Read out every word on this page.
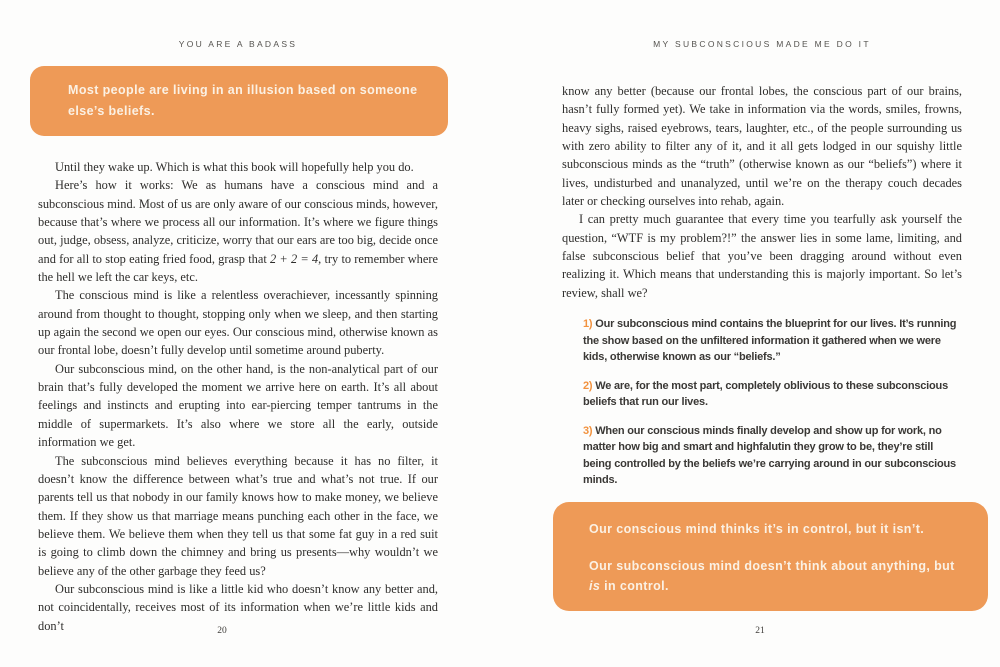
YOU ARE A BADASS
Most people are living in an illusion based on someone else’s beliefs.
Until they wake up. Which is what this book will hopefully help you do.
Here’s how it works: We as humans have a conscious mind and a subconscious mind. Most of us are only aware of our conscious minds, however, because that’s where we process all our information. It’s where we figure things out, judge, obsess, analyze, criticize, worry that our ears are too big, decide once and for all to stop eating fried food, grasp that 2 + 2 = 4, try to remember where the hell we left the car keys, etc.
The conscious mind is like a relentless overachiever, incessantly spinning around from thought to thought, stopping only when we sleep, and then starting up again the second we open our eyes. Our conscious mind, otherwise known as our frontal lobe, doesn’t fully develop until sometime around puberty.
Our subconscious mind, on the other hand, is the non-analytical part of our brain that’s fully developed the moment we arrive here on earth. It’s all about feelings and instincts and erupting into ear-piercing temper tantrums in the middle of supermarkets. It’s also where we store all the early, outside information we get.
The subconscious mind believes everything because it has no filter, it doesn’t know the difference between what’s true and what’s not true. If our parents tell us that nobody in our family knows how to make money, we believe them. If they show us that marriage means punching each other in the face, we believe them. We believe them when they tell us that some fat guy in a red suit is going to climb down the chimney and bring us presents—why wouldn’t we believe any of the other garbage they feed us?
Our subconscious mind is like a little kid who doesn’t know any better and, not coincidentally, receives most of its information when we’re little kids and don’t	20
MY SUBCONSCIOUS MADE ME DO IT
know any better (because our frontal lobes, the conscious part of our brains, hasn’t fully formed yet). We take in information via the words, smiles, frowns, heavy sighs, raised eyebrows, tears, laughter, etc., of the people surrounding us with zero ability to filter any of it, and it all gets lodged in our squishy little subconscious minds as the “truth” (otherwise known as our “beliefs”) where it lives, undisturbed and unanalyzed, until we’re on the therapy couch decades later or checking ourselves into rehab, again.
I can pretty much guarantee that every time you tearfully ask yourself the question, “WTF is my problem?!” the answer lies in some lame, limiting, and false subconscious belief that you’ve been dragging around without even realizing it. Which means that understanding this is majorly important. So let’s review, shall we?
1) Our subconscious mind contains the blueprint for our lives. It’s running the show based on the unfiltered information it gathered when we were kids, otherwise known as our “beliefs.”
2) We are, for the most part, completely oblivious to these subconscious beliefs that run our lives.
3) When our conscious minds finally develop and show up for work, no matter how big and smart and highfalutin they grow to be, they’re still being controlled by the beliefs we’re carrying around in our subconscious minds.
Our conscious mind thinks it’s in control, but it isn’t.
Our subconscious mind doesn’t think about anything, but is in control.
21
